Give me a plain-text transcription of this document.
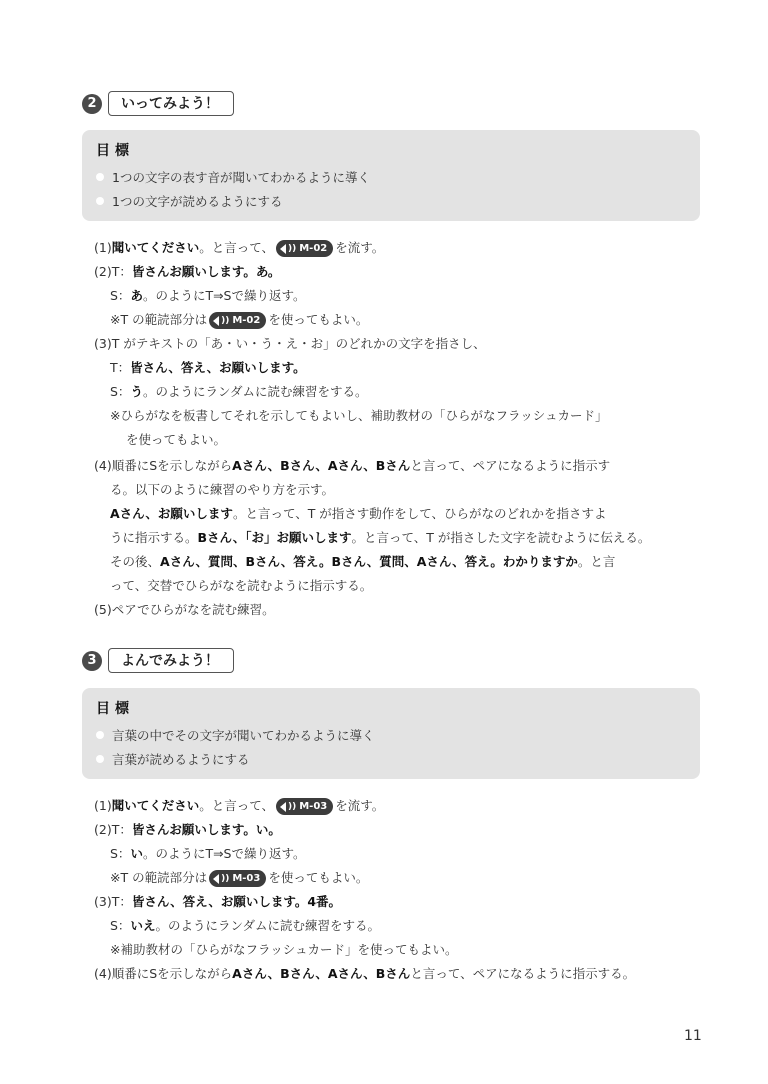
2	いってみよう！
目標
1つの文字の表す音が聞いてわかるように導く
1つの文字が読めるようにする
(1)聞いてください。と言って、 )) M-02 を流す。
(2)T：皆さんお願いします。あ。
S：あ。のようにT⇒Sで繰り返す。
※T の範読部分は )) M-02 を使ってもよい。
(3)T がテキストの「あ・い・う・え・お」のどれかの文字を指さし、
T：皆さん、答え、お願いします。
S：う。のようにランダムに読む練習をする。
※ひらがなを板書してそれを示してもよいし、補助教材の「ひらがなフラッシュカード」
を使ってもよい。
(4)順番にSを示しながらAさん、Bさん、Aさん、Bさんと言って、ペアになるように指示す
る。以下のように練習のやり方を示す。
Aさん、お願いします。と言って、T が指さす動作をして、ひらがなのどれかを指さすよ
うに指示する。Bさん、「お」お願いします。と言って、T が指さした文字を読むように伝える。
その後、Aさん、質問、Bさん、答え。Bさん、質問、Aさん、答え。わかりますか。と言
って、交替でひらがなを読むように指示する。
(5)ペアでひらがなを読む練習。
3	よんでみよう！
目標
言葉の中でその文字が聞いてわかるように導く
言葉が読めるようにする
(1)聞いてください。と言って、 )) M-03 を流す。
(2)T：皆さんお願いします。い。
S：い。のようにT⇒Sで繰り返す。
※T の範読部分は )) M-03 を使ってもよい。
(3)T：皆さん、答え、お願いします。4番。
S：いえ。のようにランダムに読む練習をする。
※補助教材の「ひらがなフラッシュカード」を使ってもよい。
(4)順番にSを示しながらAさん、Bさん、Aさん、Bさんと言って、ペアになるように指示する。
11
